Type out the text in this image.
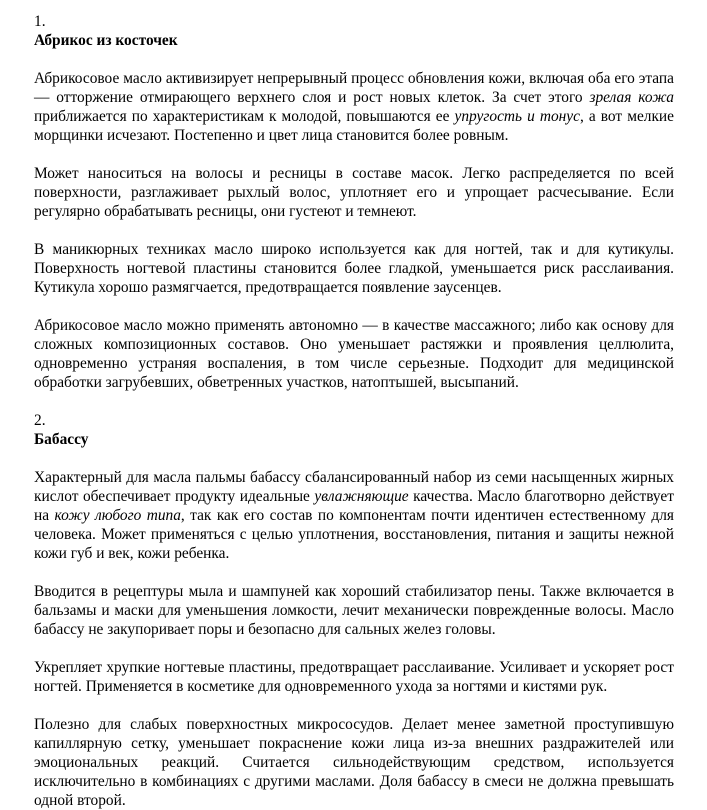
1.

Абрикос из косточек

Абрикосовое масло активизирует непрерывный процесс обновления кожи, включая оба его этапа — отторжение отмирающего верхнего слоя и рост новых клеток. За счет этого зрелая кожа приближается по характеристикам к молодой, повышаются ее упругость и тонус, а вот мелкие морщинки исчезают. Постепенно и цвет лица становится более ровным.

Может наноситься на волосы и ресницы в составе масок. Легко распределяется по всей поверхности, разглаживает рыхлый волос, уплотняет его и упрощает расчесывание. Если регулярно обрабатывать ресницы, они густеют и темнеют.

В маникюрных техниках масло широко используется как для ногтей, так и для кутикулы. Поверхность ногтевой пластины становится более гладкой, уменьшается риск расслаивания. Кутикула хорошо размягчается, предотвращается появление заусенцев.

Абрикосовое масло можно применять автономно — в качестве массажного; либо как основу для сложных композиционных составов. Оно уменьшает растяжки и проявления целлюлита, одновременно устраняя воспаления, в том числе серьезные. Подходит для медицинской обработки загрубевших, обветренных участков, натоптышей, высыпаний.

2.

Бабассу

Характерный для масла пальмы бабассу сбалансированный набор из семи насыщенных жирных кислот обеспечивает продукту идеальные увлажняющие качества. Масло благотворно действует на кожу любого типа, так как его состав по компонентам почти идентичен естественному для человека. Может применяться с целью уплотнения, восстановления, питания и защиты нежной кожи губ и век, кожи ребенка.

Вводится в рецептуры мыла и шампуней как хороший стабилизатор пены. Также включается в бальзамы и маски для уменьшения ломкости, лечит механически поврежденные волосы. Масло бабассу не закупоривает поры и безопасно для сальных желез головы.

Укрепляет хрупкие ногтевые пластины, предотвращает расслаивание. Усиливает и ускоряет рост ногтей. Применяется в косметике для одновременного ухода за ногтями и кистями рук.

Полезно для слабых поверхностных микрососудов. Делает менее заметной проступившую капиллярную сетку, уменьшает покраснение кожи лица из-за внешних раздражителей или эмоциональных реакций. Считается сильнодействующим средством, используется исключительно в комбинациях с другими маслами. Доля бабассу в смеси не должна превышать одной второй.
